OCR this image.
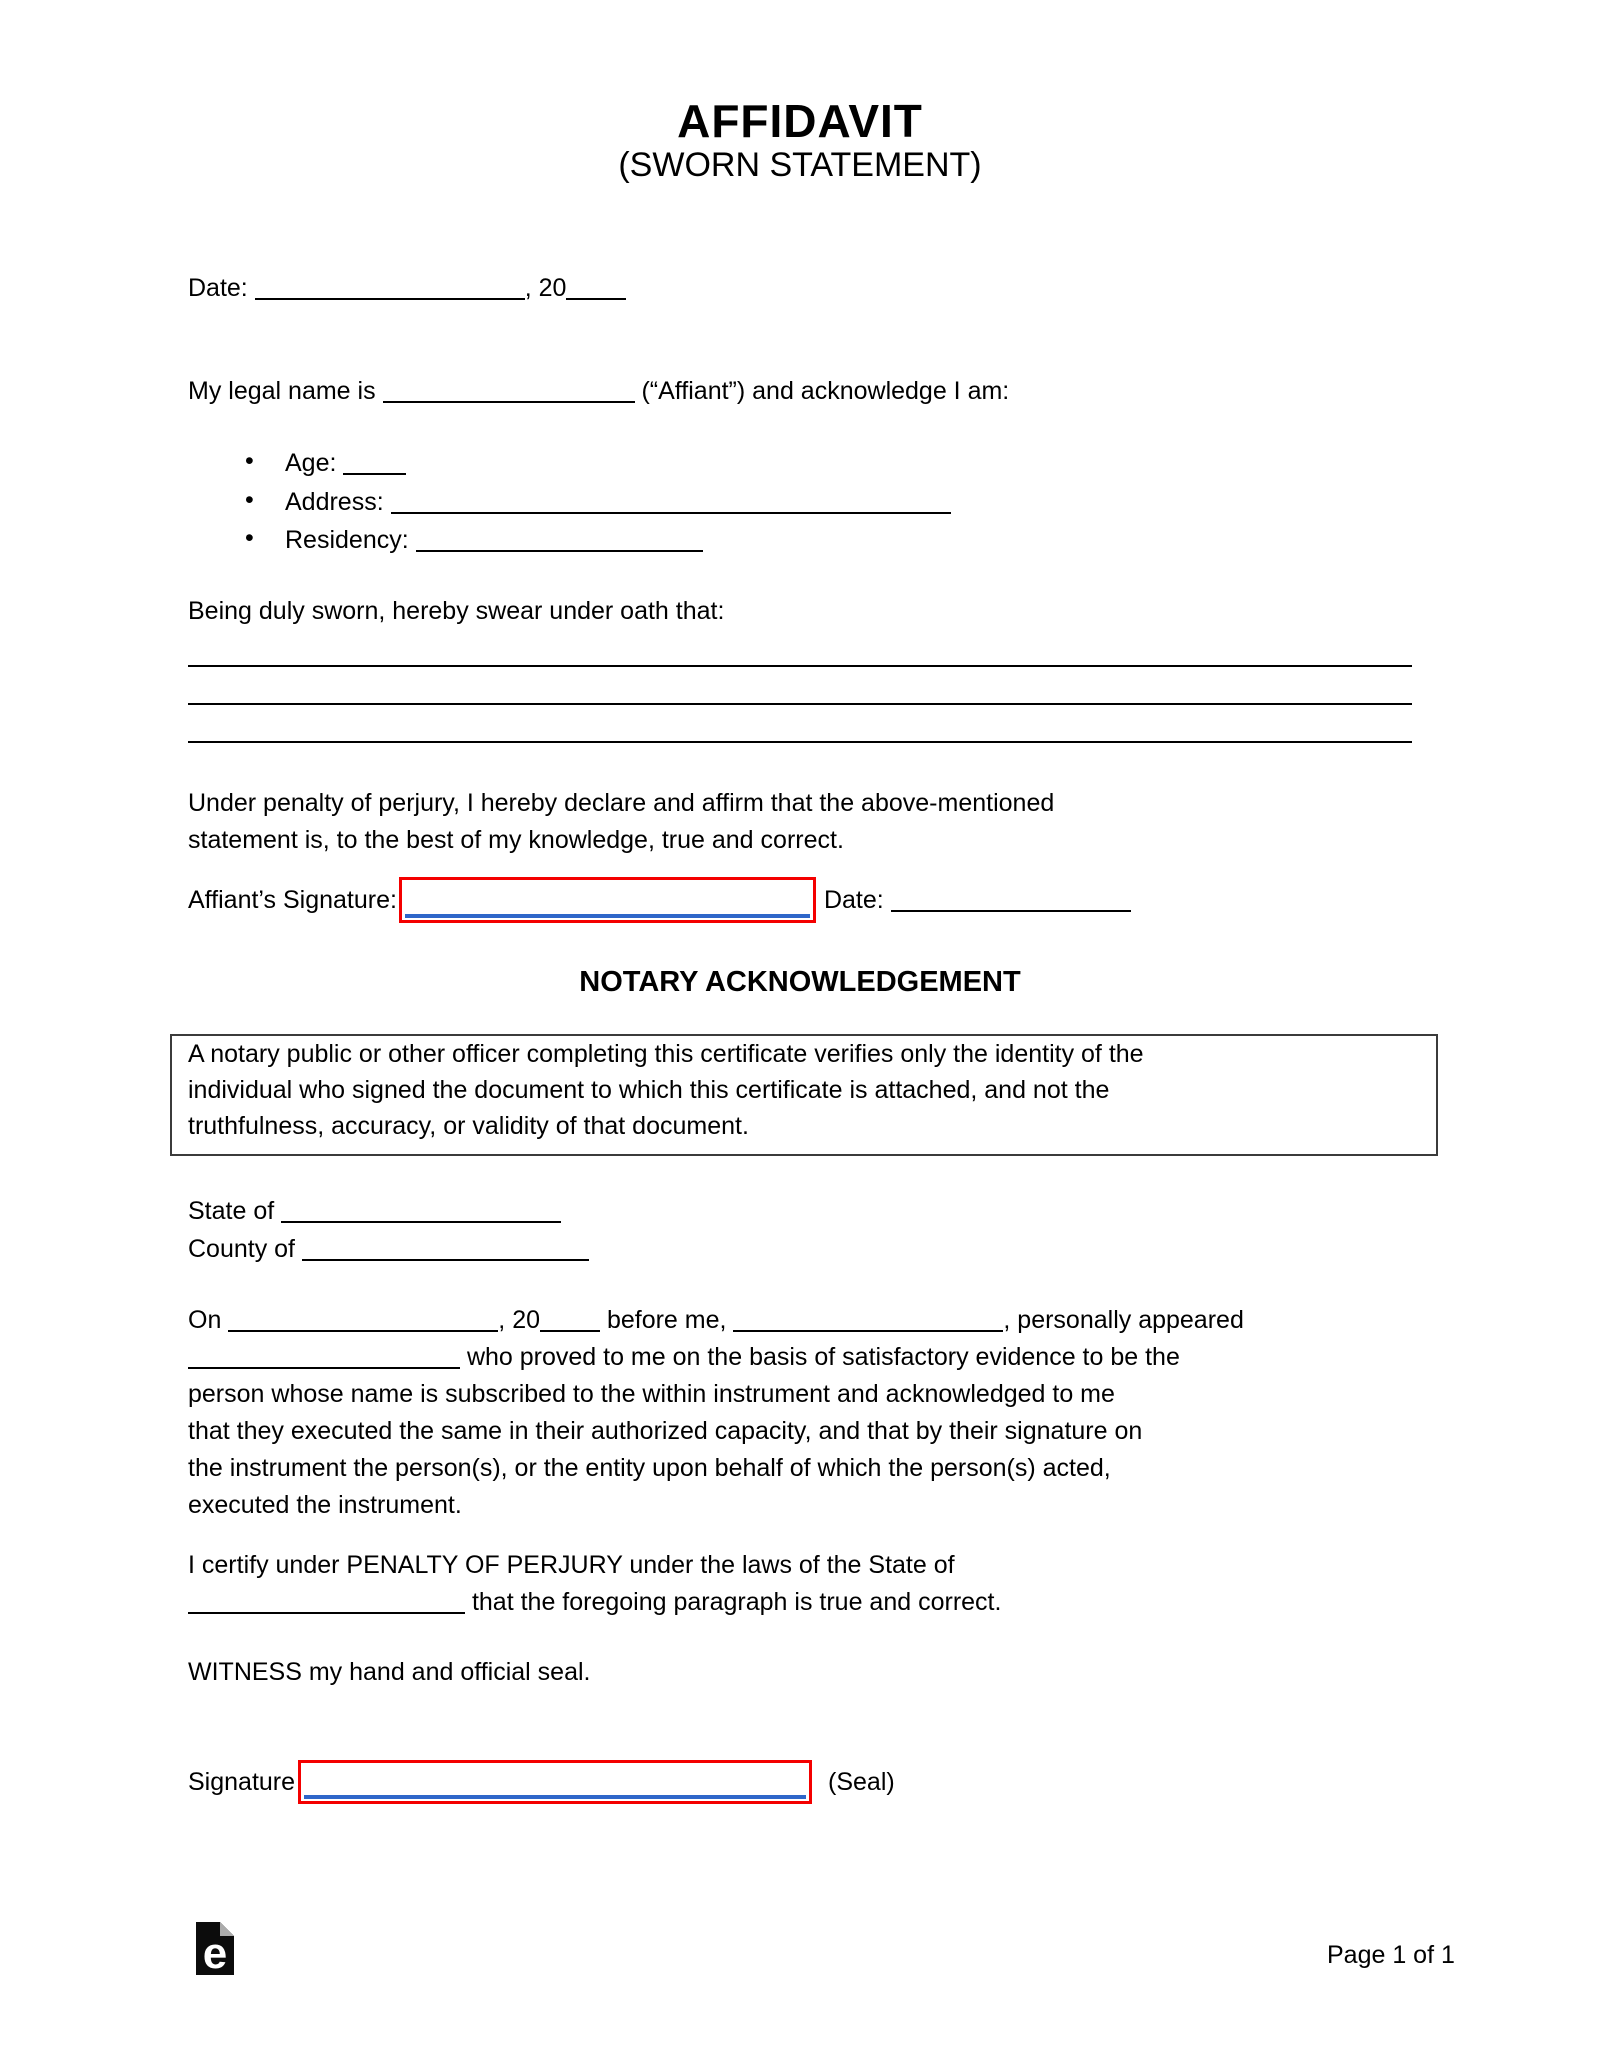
AFFIDAVIT
(SWORN STATEMENT)
Date:	, 20
My legal name is	(“Affiant”) and acknowledge I am:
• Age:
• Address:
• Residency:
Being duly sworn, hereby swear under oath that:
Under penalty of perjury, I hereby declare and affirm that the above-mentioned
statement is, to the best of my knowledge, true and correct.
Affiant’s Signature:	Date:
NOTARY ACKNOWLEDGEMENT
A notary public or other officer completing this certificate verifies only the identity of the
individual who signed the document to which this certificate is attached, and not the
truthfulness, accuracy, or validity of that document.
State of
County of
On	, 20 before me,	, personally appeared
who proved to me on the basis of satisfactory evidence to be the
person whose name is subscribed to the within instrument and acknowledged to me
that they executed the same in their authorized capacity, and that by their signature on
the instrument the person(s), or the entity upon behalf of which the person(s) acted,
executed the instrument.
I certify under PENALTY OF PERJURY under the laws of the State of
that the foregoing paragraph is true and correct.
WITNESS my hand and official seal.
Signature	(Seal)
e	Page 1 of 1
